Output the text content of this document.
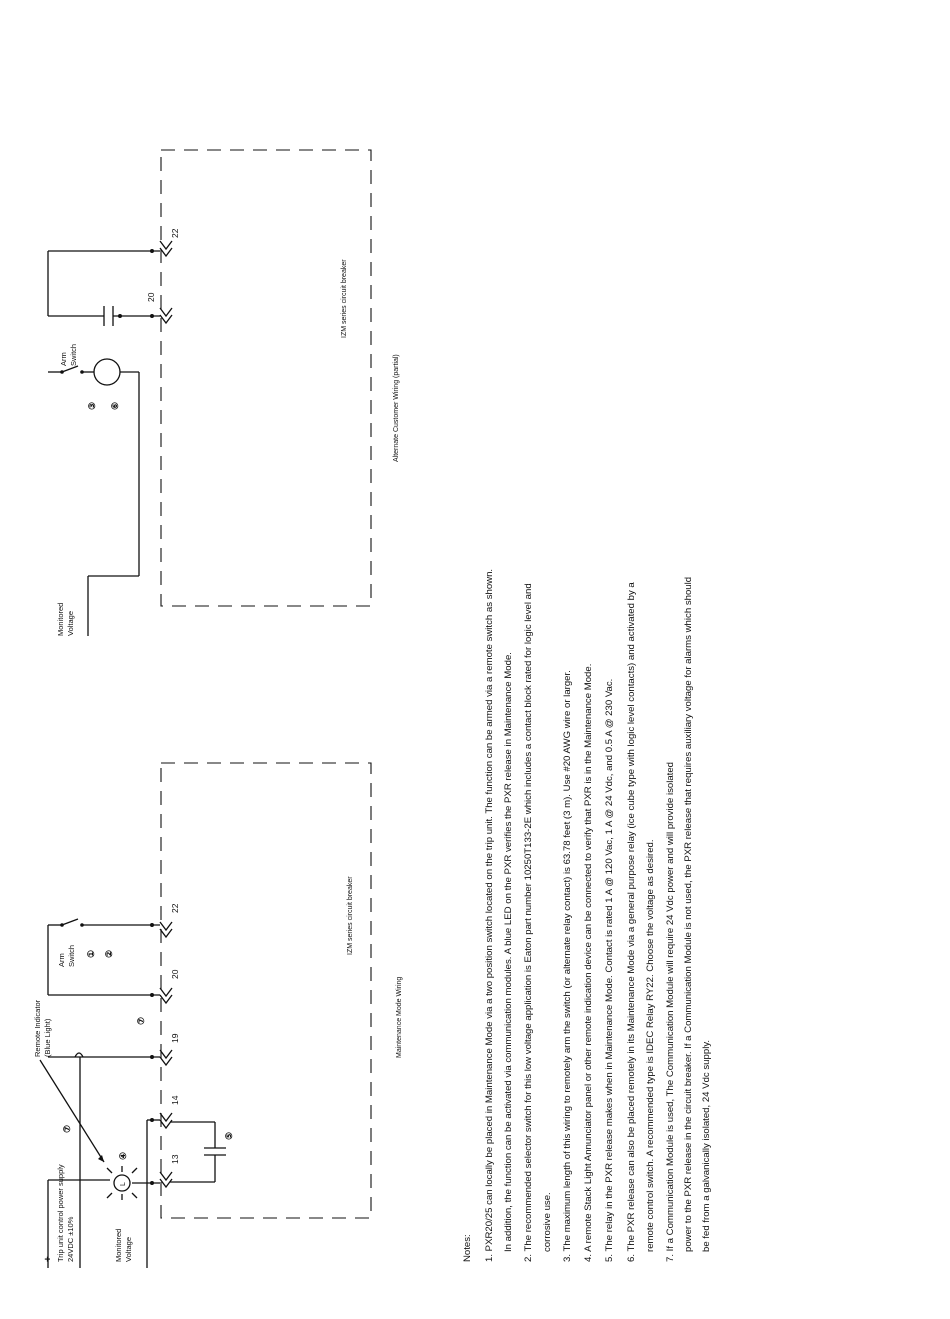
13
14
19
20
22
L
+ Trip unit control power supply 24VDC ±10%	Monitored Voltage
Remote Indicator (Blue Light)
Arm Switch ① ②
④
⑤
⑦
⑦
IZM series circuit breaker
Maintenance Mode Wiring
20
22
Monitored Voltage
Arm Switch
③ ⑥
IZM series circuit breaker
Alternate Customer Wiring (partial)
Notes: 1. PXR20/25 can locally be placed in Maintenance Mode via a two position switch located on the trip unit. The function can be armed via a remote switch as shown. In addition, the function can be activated via communication modules. A blue LED on the PXR verifies the PXR release in Maintenance Mode. 2. The recommended selector switch for this low voltage application is Eaton part number 10250T133-2E which includes a contact block rated for logic level and corrosive use. 3. The maximum length of this wiring to remotely arm the switch (or alternate relay contact) is 63.78 feet (3 m). Use #20 AWG wire or larger. 4. A remote Stack Light Annunciator panel or other remote indication device can be connected to verify that PXR is in the Maintenance Mode. 5. The relay in the PXR release makes when in Maintenance Mode. Contact is rated 1 A @ 120 Vac, 1 A @ 24 Vdc, and 0.5 A @ 230 Vac. 6. The PXR release can also be placed remotely in its Maintenance Mode via a general purpose relay (ice cube type with logic level contacts) and activated by a remote control switch. A recommended type is IDEC Relay RY22. Choose the voltage as desired. 7. If a Communication Module is used, The Communication Module will require 24 Vdc power and will provide isolated power to the PXR release in the circuit breaker. If a Communication Module is not used, the PXR release that requires auxiliary voltage for alarms which should be fed from a galvanically isolated, 24 Vdc supply.
